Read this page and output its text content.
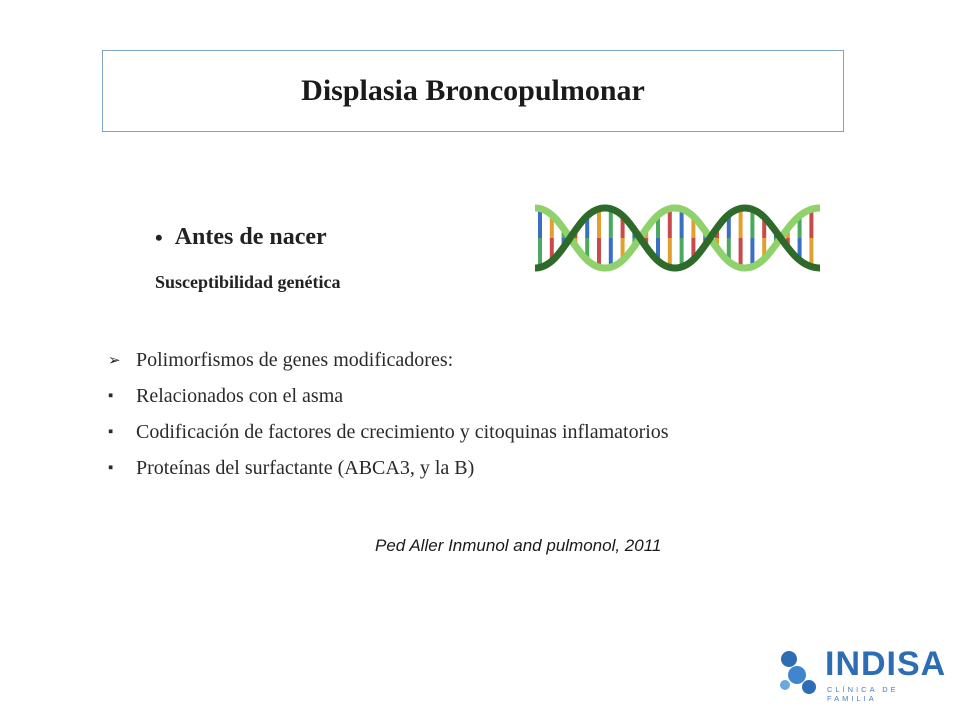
Displasia Broncopulmonar
• Antes de nacer
Susceptibilidad genética
➢ Polimorfismos de genes modificadores:
▪	Relacionados con el asma
▪	Codificación de factores de crecimiento y citoquinas inflamatorios
▪	Proteínas del surfactante (ABCA3, y la B)
Ped Aller Inmunol and pulmonol, 2011
INDISA
CLÍNICA DE FAMILIA
